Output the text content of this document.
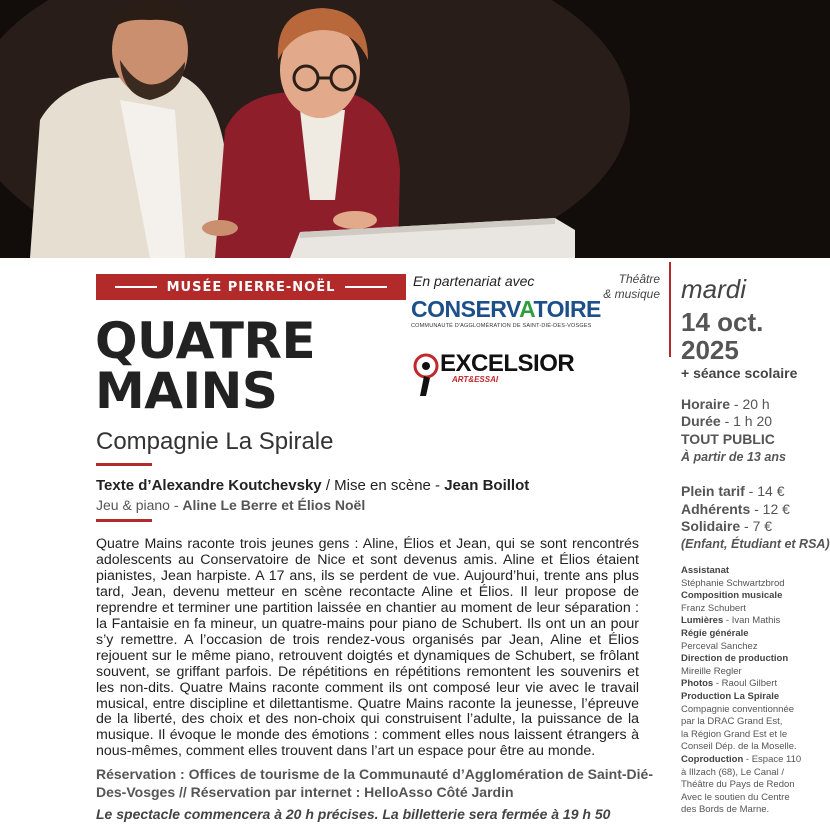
MUSÉE PIERRE-NOËL
QUATRE
MAINS
Compagnie La Spirale
Texte d’Alexandre Koutchevsky / Mise en scène - Jean Boillot
Jeu & piano - Aline Le Berre et Élios Noël
En partenariat avec
CONSERVATOIRE
COMMUNAUTÉ D'AGGLOMÉRATION DE SAINT-DIÉ-DES-VOSGES
EXCELSIOR
ART&ESSAI
Théâtre
& musique mardi
14 oct.
2025
+ séance scolaire
Horaire - 20 h
Durée - 1 h 20
TOUT PUBLIC
À partir de 13 ans
Plein tarif - 14 €
Adhérents - 12 €
Solidaire - 7 €
(Enfant, Étudiant et RSA)
Assistanat
Stéphanie Schwartzbrod
Composition musicale
Franz Schubert
Lumières - Ivan Mathis
Régie générale
Perceval Sanchez
Direction de production
Mireille Regler
Photos - Raoul Gilbert
Production La Spirale
Compagnie conventionnée
par la DRAC Grand Est,
la Région Grand Est et le
Conseil Dép. de la Moselle.
Coproduction - Espace 110
à Illzach (68), Le Canal /
Théâtre du Pays de Redon
Avec le soutien du Centre
des Bords de Marne.
Quatre Mains raconte trois jeunes gens : Aline, Élios et Jean, qui se sont rencontrés adolescents au Conservatoire de Nice et sont devenus amis. Aline et Élios étaient pianistes, Jean harpiste. A 17 ans, ils se perdent de vue. Aujourd’hui, trente ans plus tard, Jean, devenu metteur en scène recontacte Aline et Élios. Il leur propose de reprendre et terminer une partition laissée en chantier au moment de leur séparation : la Fantaisie en fa mineur, un quatre-mains pour piano de Schubert. Ils ont un an pour s’y remettre. A l’occasion de trois rendez-vous organisés par Jean, Aline et Élios rejouent sur le même piano, retrouvent doigtés et dynamiques de Schubert, se frôlant souvent, se griffant parfois. De répétitions en répétitions remontent les souvenirs et les non-dits. Quatre Mains raconte comment ils ont composé leur vie avec le travail musical, entre discipline et dilettantisme. Quatre Mains raconte la jeunesse, l’épreuve de la liberté, des choix et des non-choix qui construisent l’adulte, la puissance de la musique. Il évoque le monde des émotions : comment elles nous laissent étrangers à nous-mêmes, comment elles trouvent dans l’art un espace pour être au monde.
Réservation : Offices de tourisme de la Communauté d’Agglomération de Saint-Dié-Des-Vosges // Réservation par internet : HelloAsso Côté Jardin
Le spectacle commencera à 20 h précises. La billetterie sera fermée à 19 h 50
